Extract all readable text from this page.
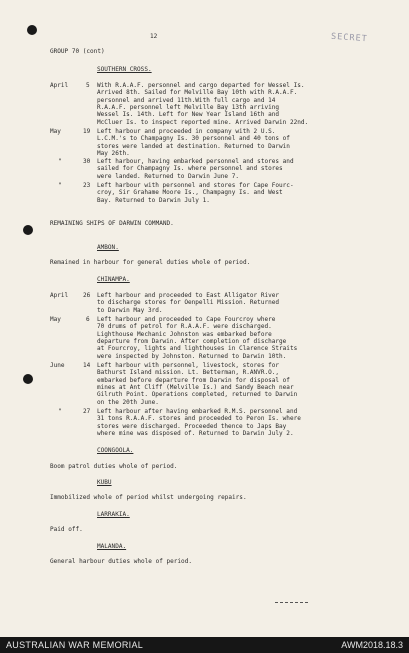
12	SECRET
GROUP 70 (cont)
SOUTHERN CROSS.
April	5 With R.A.A.F. personnel and cargo departed for Wessel Is.
Arrived 8th. Sailed for Melville Bay 10th with R.A.A.F.
personnel and arrived 11th.With full cargo and 14
R.A.A.F. personnel left Melville Bay 13th arriving
Wessel Is. 14th. Left for New Year Island 16th and
McCluer Is. to inspect reported mine. Arrived Darwin 22nd.
May	19 Left harbour and proceeded in company with 2 U.S.
L.C.M.'s to Champagny Is. 30 personnel and 40 tons of
stores were landed at destination. Returned to Darwin
May 26th.
"	30 Left harbour, having embarked personnel and stores and
sailed for Champagny Is. where personnel and stores
were landed. Returned to Darwin June 7.
"	23 Left harbour with personnel and stores for Cape Fourc-
croy, Sir Grahame Moore Is., Champagny Is. and West
Bay. Returned to Darwin July 1.
REMAINING SHIPS OF DARWIN COMMAND.
AMBON.
Remained in harbour for general duties whole of period.
CHINAMPA.
April 26 Left harbour and proceeded to East Alligator River
to discharge stores for Oenpelli Mission. Returned
to Darwin May 3rd.
May	6 Left harbour and proceeded to Cape Fourcroy where
70 drums of petrol for R.A.A.F. were discharged.
Lighthouse Mechanic Johnston was embarked before
departure from Darwin. After completion of discharge
at Fourcroy, lights and lighthouses in Clarence Straits
were inspected by Johnston. Returned to Darwin 10th.
June	14 Left harbour with personnel, livestock, stores for
Bathurst Island mission. Lt. Betterman, R.ANVR.O.,
embarked before departure from Darwin for disposal of
mines at Ant Cliff (Melville Is.) and Sandy Beach near
Gilruth Point. Operations completed, returned to Darwin
on the 20th June.
"	27 Left harbour after having embarked R.M.S. personnel and
31 tons R.A.A.F. stores and proceeded to Peron Is. where
stores were discharged. Proceeded thence to Japs Bay
where mine was disposed of. Returned to Darwin July 2.
COONGOOLA.
Boom patrol duties whole of period.
KUBU
Immobilized whole of period whilst undergoing repairs.
LARRAKIA.
Paid off.
MALANDA.
General harbour duties whole of period.
AUSTRALIAN WAR MEMORIAL	AWM2018.18.3
